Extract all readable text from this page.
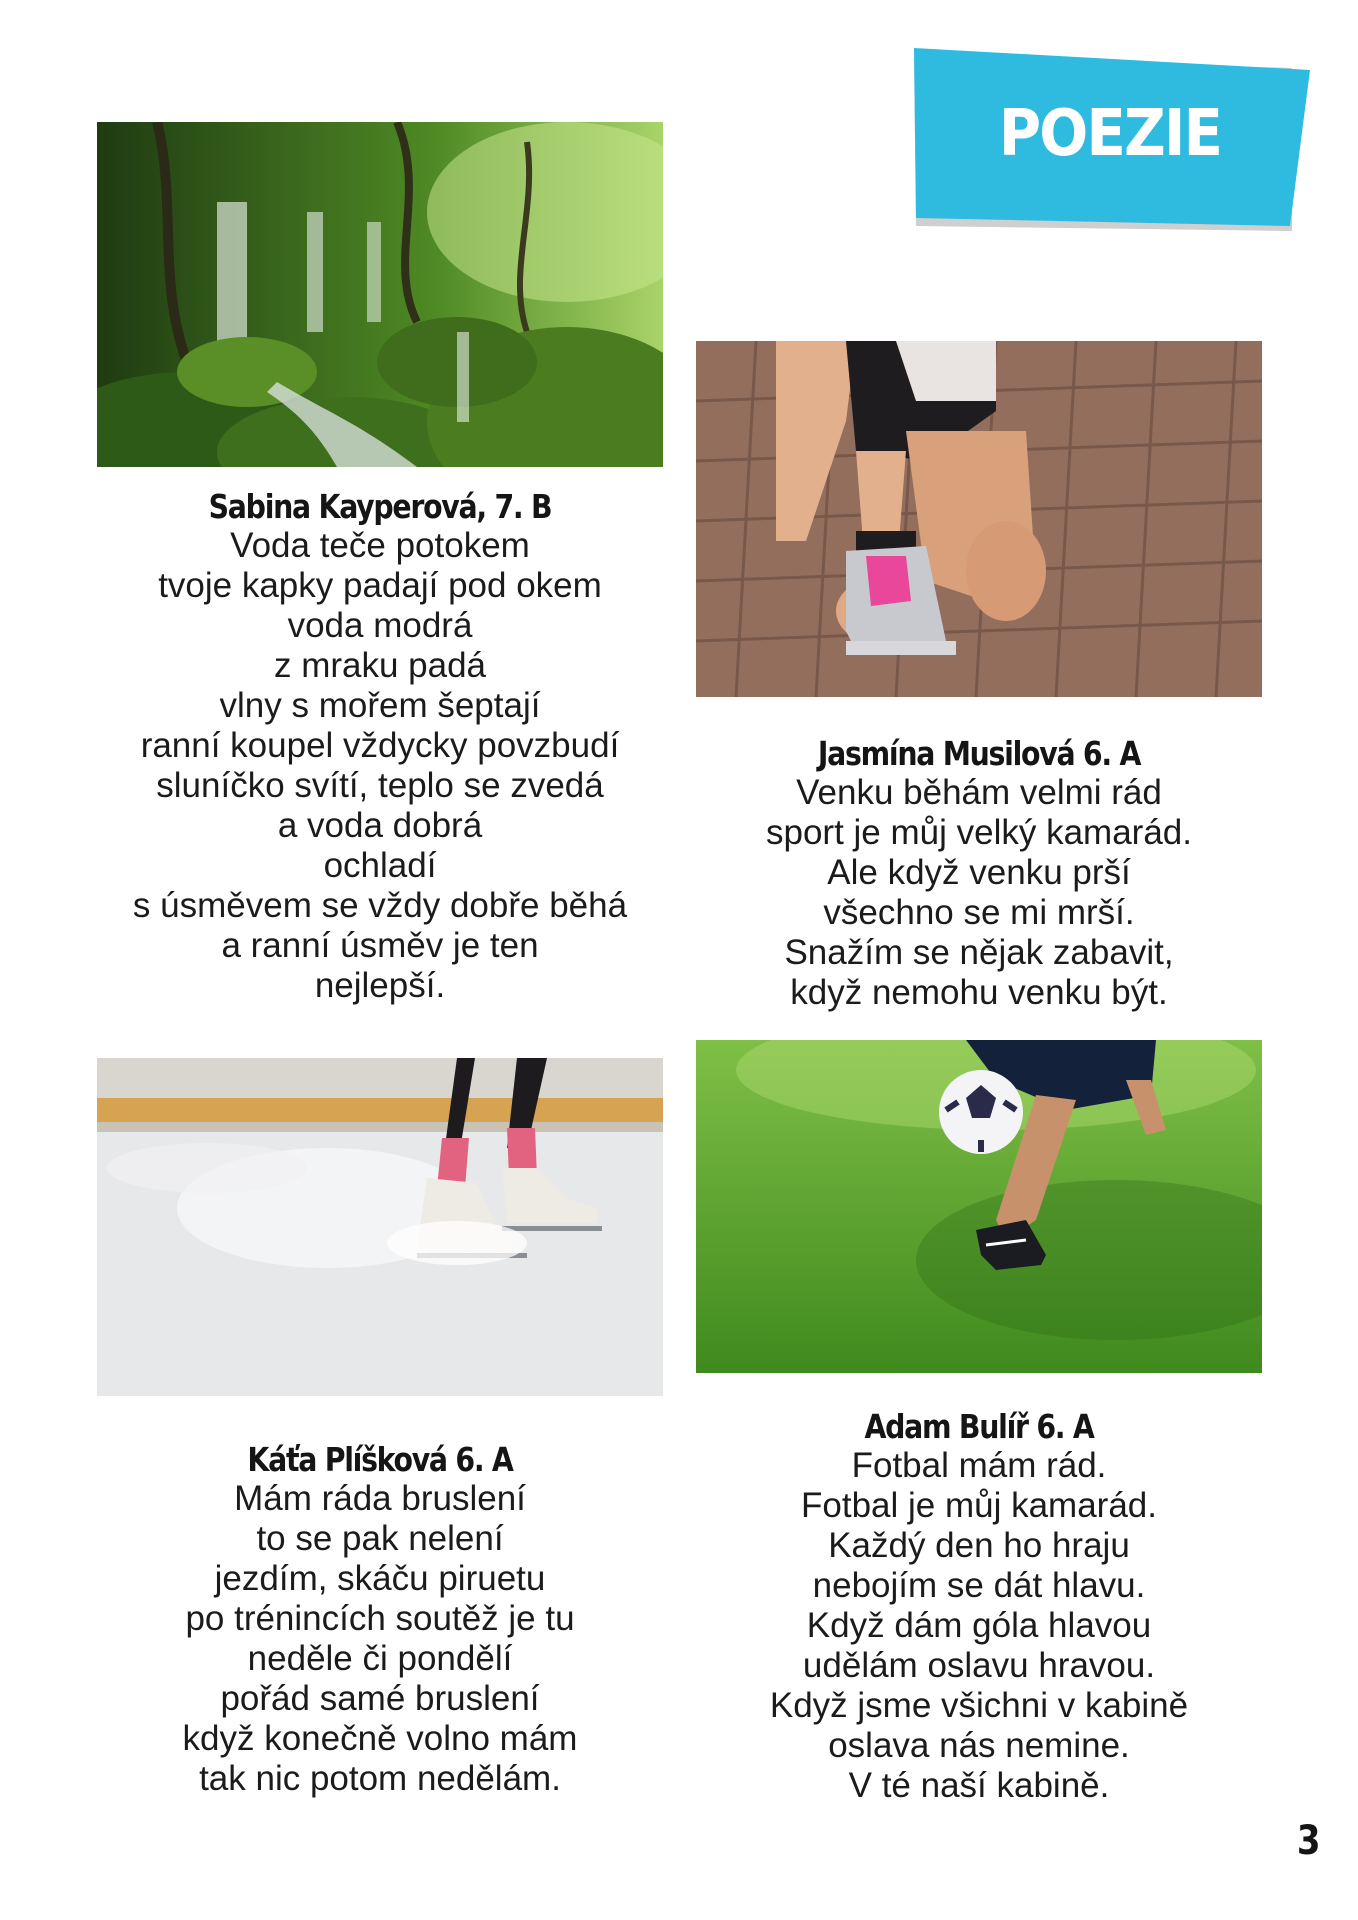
POEZIE
Sabina Kayperová, 7. B
Voda teče potokem
tvoje kapky padají pod okem
voda modrá
z mraku padá
vlny s mořem šeptají
ranní koupel vždycky povzbudí
sluníčko svítí, teplo se zvedá
a voda dobrá
ochladí
s úsměvem se vždy dobře běhá
a ranní úsměv je ten
nejlepší.
Jasmína Musilová 6. A
Venku běhám velmi rád
sport je můj velký kamarád.
Ale když venku prší
všechno se mi mrší.
Snažím se nějak zabavit,
když nemohu venku být.
Káťa Plíšková 6. A
Mám ráda bruslení
to se pak nelení
jezdím, skáču piruetu
po trénincích soutěž je tu
neděle či pondělí
pořád samé bruslení
když konečně volno mám
tak nic potom nedělám.
Adam Bulíř 6. A
Fotbal mám rád.
Fotbal je můj kamarád.
Každý den ho hraju
nebojím se dát hlavu.
Když dám góla hlavou
udělám oslavu hravou.
Když jsme všichni v kabině
oslava nás nemine.
V té naší kabině.
3
